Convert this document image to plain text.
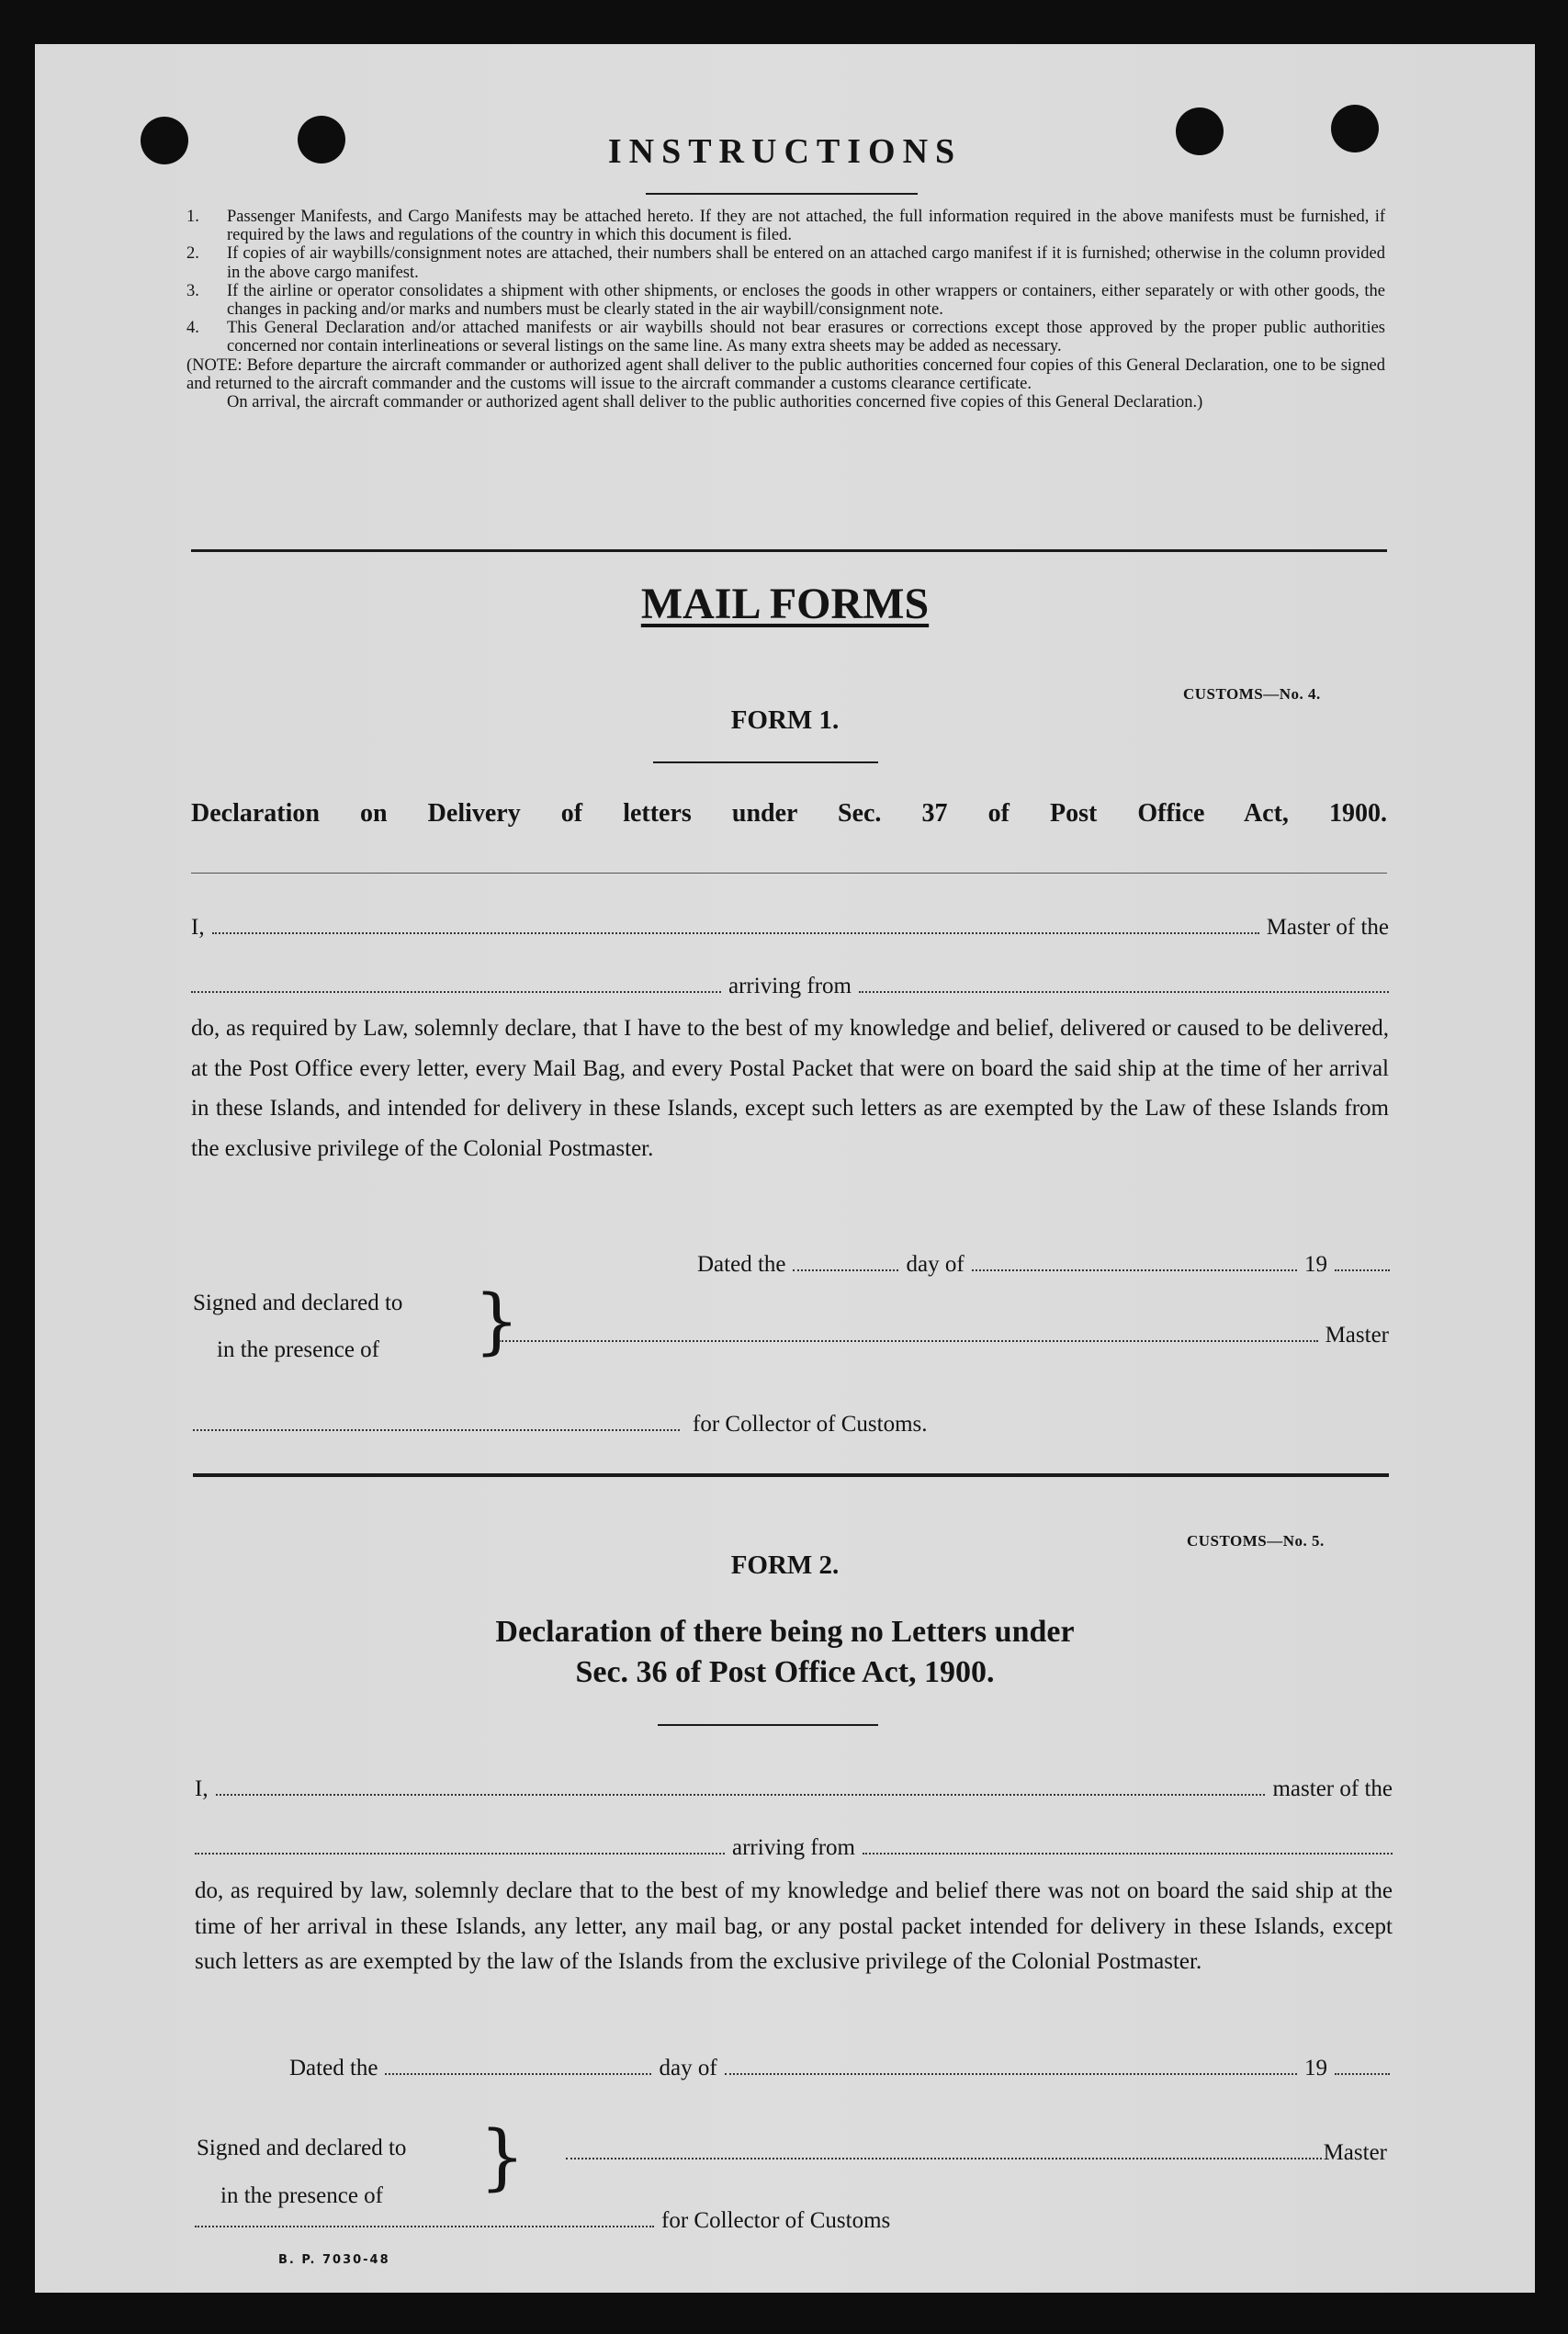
INSTRUCTIONS
1. Passenger Manifests, and Cargo Manifests may be attached hereto. If they are not attached, the full information required in the above manifests must be furnished, if required by the laws and regulations of the country in which this document is filed.
2. If copies of air waybills/consignment notes are attached, their numbers shall be entered on an attached cargo manifest if it is furnished; otherwise in the column provided in the above cargo manifest.
3. If the airline or operator consolidates a shipment with other shipments, or encloses the goods in other wrappers or containers, either separately or with other goods, the changes in packing and/or marks and numbers must be clearly stated in the air waybill/consignment note.
4. This General Declaration and/or attached manifests or air waybills should not bear erasures or corrections except those approved by the proper public authorities concerned nor contain interlineations or several listings on the same line. As many extra sheets may be added as necessary.
(NOTE: Before departure the aircraft commander or authorized agent shall deliver to the public authorities concerned four copies of this General Declaration, one to be signed and returned to the aircraft commander and the customs will issue to the aircraft commander a customs clearance certificate.
On arrival, the aircraft commander or authorized agent shall deliver to the public authorities concerned five copies of this General Declaration.)
MAIL FORMS
CUSTOMS—No. 4.
FORM 1.
Declaration on Delivery of letters under Sec. 37 of Post Office Act, 1900.
I,	Master of the
arriving from
do, as required by Law, solemnly declare, that I have to the best of my knowledge and belief, delivered or caused to be delivered, at the Post Office every letter, every Mail Bag, and every Postal Packet that were on board the said ship at the time of her arrival in these Islands, and intended for delivery in these Islands, except such letters as are exempted by the Law of these Islands from the exclusive privilege of the Colonial Postmaster.
Dated the	day of	19
Signed and declared to
in the presence of	}	Master
for Collector of Customs.
CUSTOMS—No. 5.
FORM 2.
Declaration of there being no Letters under
Sec. 36 of Post Office Act, 1900.
I,	master of the
arriving from
do, as required by law, solemnly declare that to the best of my knowledge and belief there was not on board the said ship at the time of her arrival in these Islands, any letter, any mail bag, or any postal packet intended for delivery in these Islands, except such letters as are exempted by the law of the Islands from the exclusive privilege of the Colonial Postmaster.
Dated the	day of	19
Signed and declared to
in the presence of	}	Master
for Collector of Customs
B. P. 7030-48
